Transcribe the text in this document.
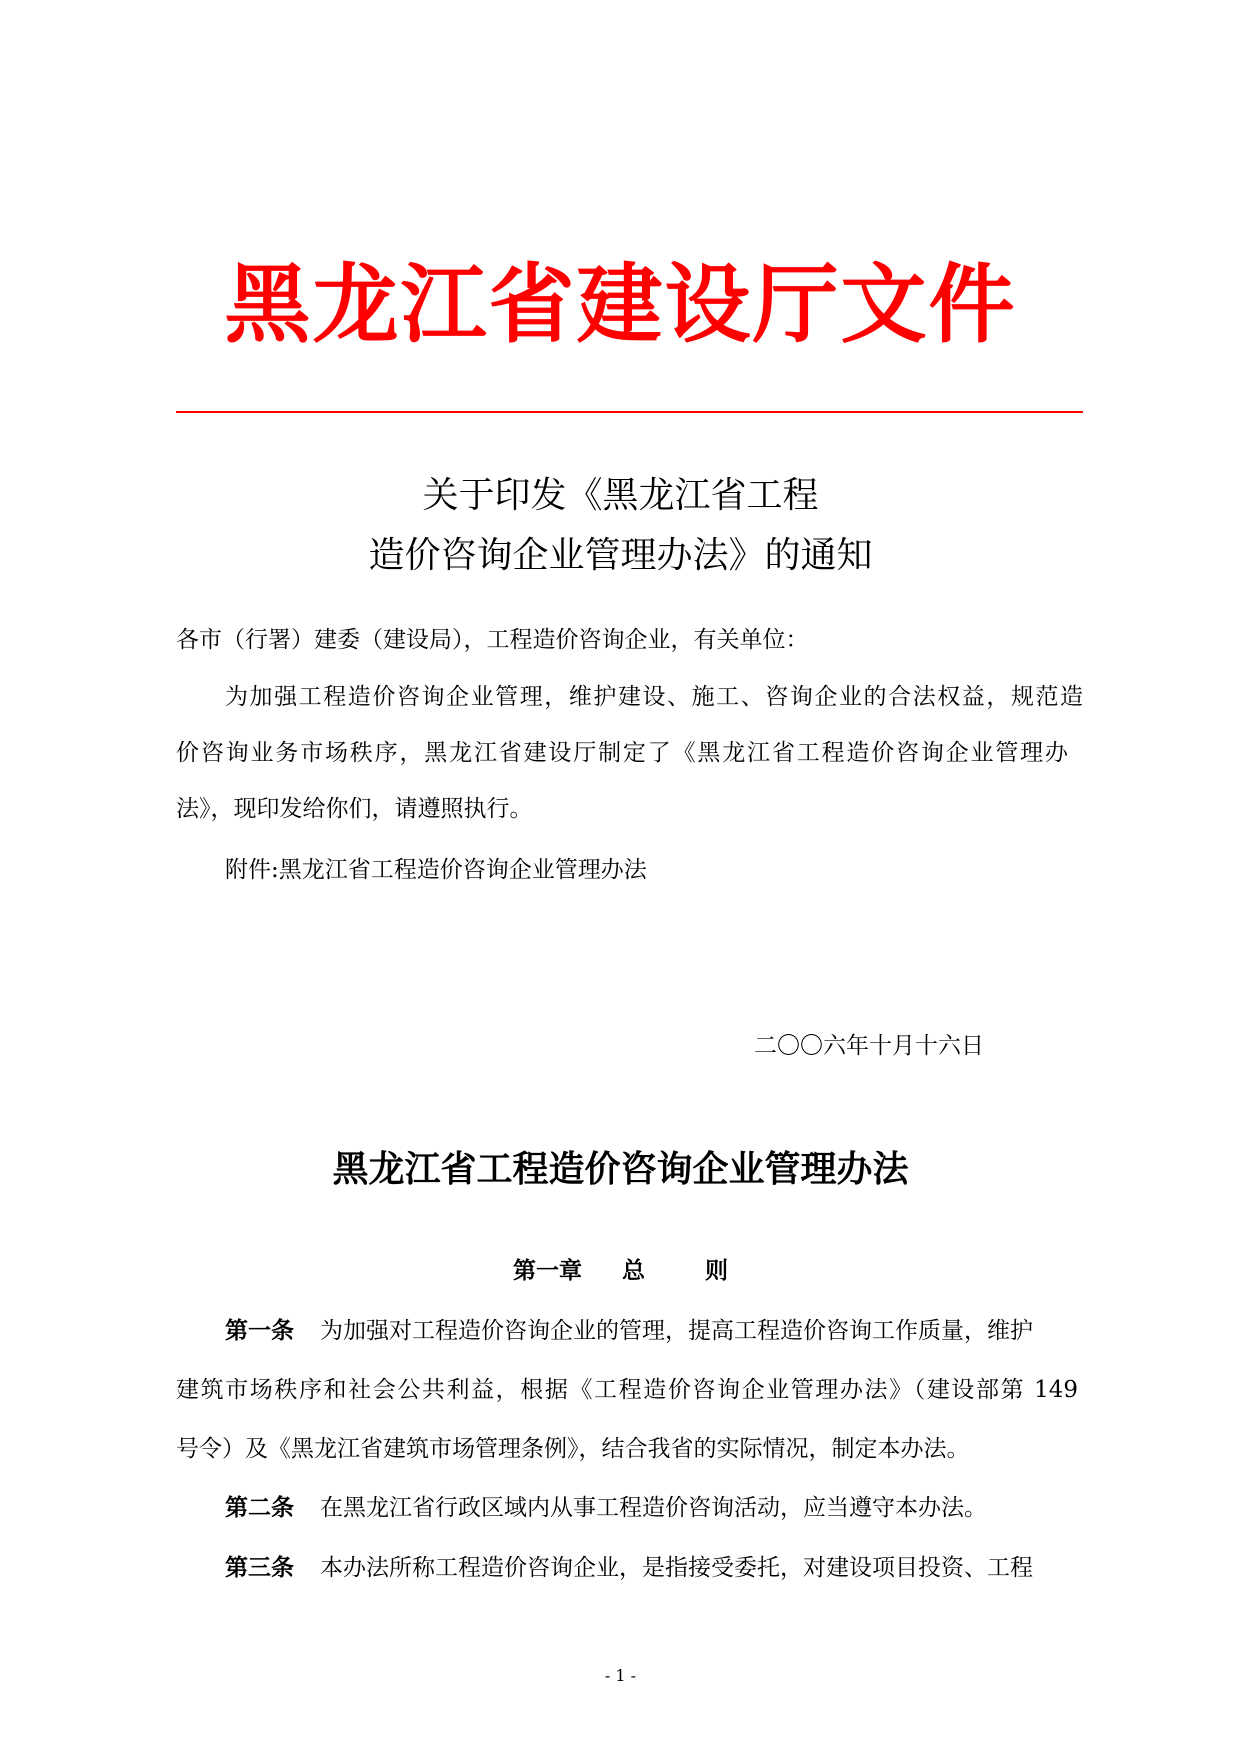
黑龙江省建设厅文件
关于印发《黑龙江省工程
造价咨询企业管理办法》的通知
各市（行署）建委（建设局），工程造价咨询企业，有关单位：
为加强工程造价咨询企业管理，维护建设、施工、咨询企业的合法权益，规范造
价咨询业务市场秩序，黑龙江省建设厅制定了《黑龙江省工程造价咨询企业管理办
法》，现印发给你们，请遵照执行。
附件:黑龙江省工程造价咨询企业管理办法
二〇〇六年十月十六日
黑龙江省工程造价咨询企业管理办法
第一章 总	则
第一条 为加强对工程造价咨询企业的管理，提高工程造价咨询工作质量，维护
建筑市场秩序和社会公共利益，根据《工程造价咨询企业管理办法》（建设部第 149
号令）及《黑龙江省建筑市场管理条例》，结合我省的实际情况，制定本办法。
第二条 在黑龙江省行政区域内从事工程造价咨询活动，应当遵守本办法。
第三条 本办法所称工程造价咨询企业，是指接受委托，对建设项目投资、工程
- 1 -
